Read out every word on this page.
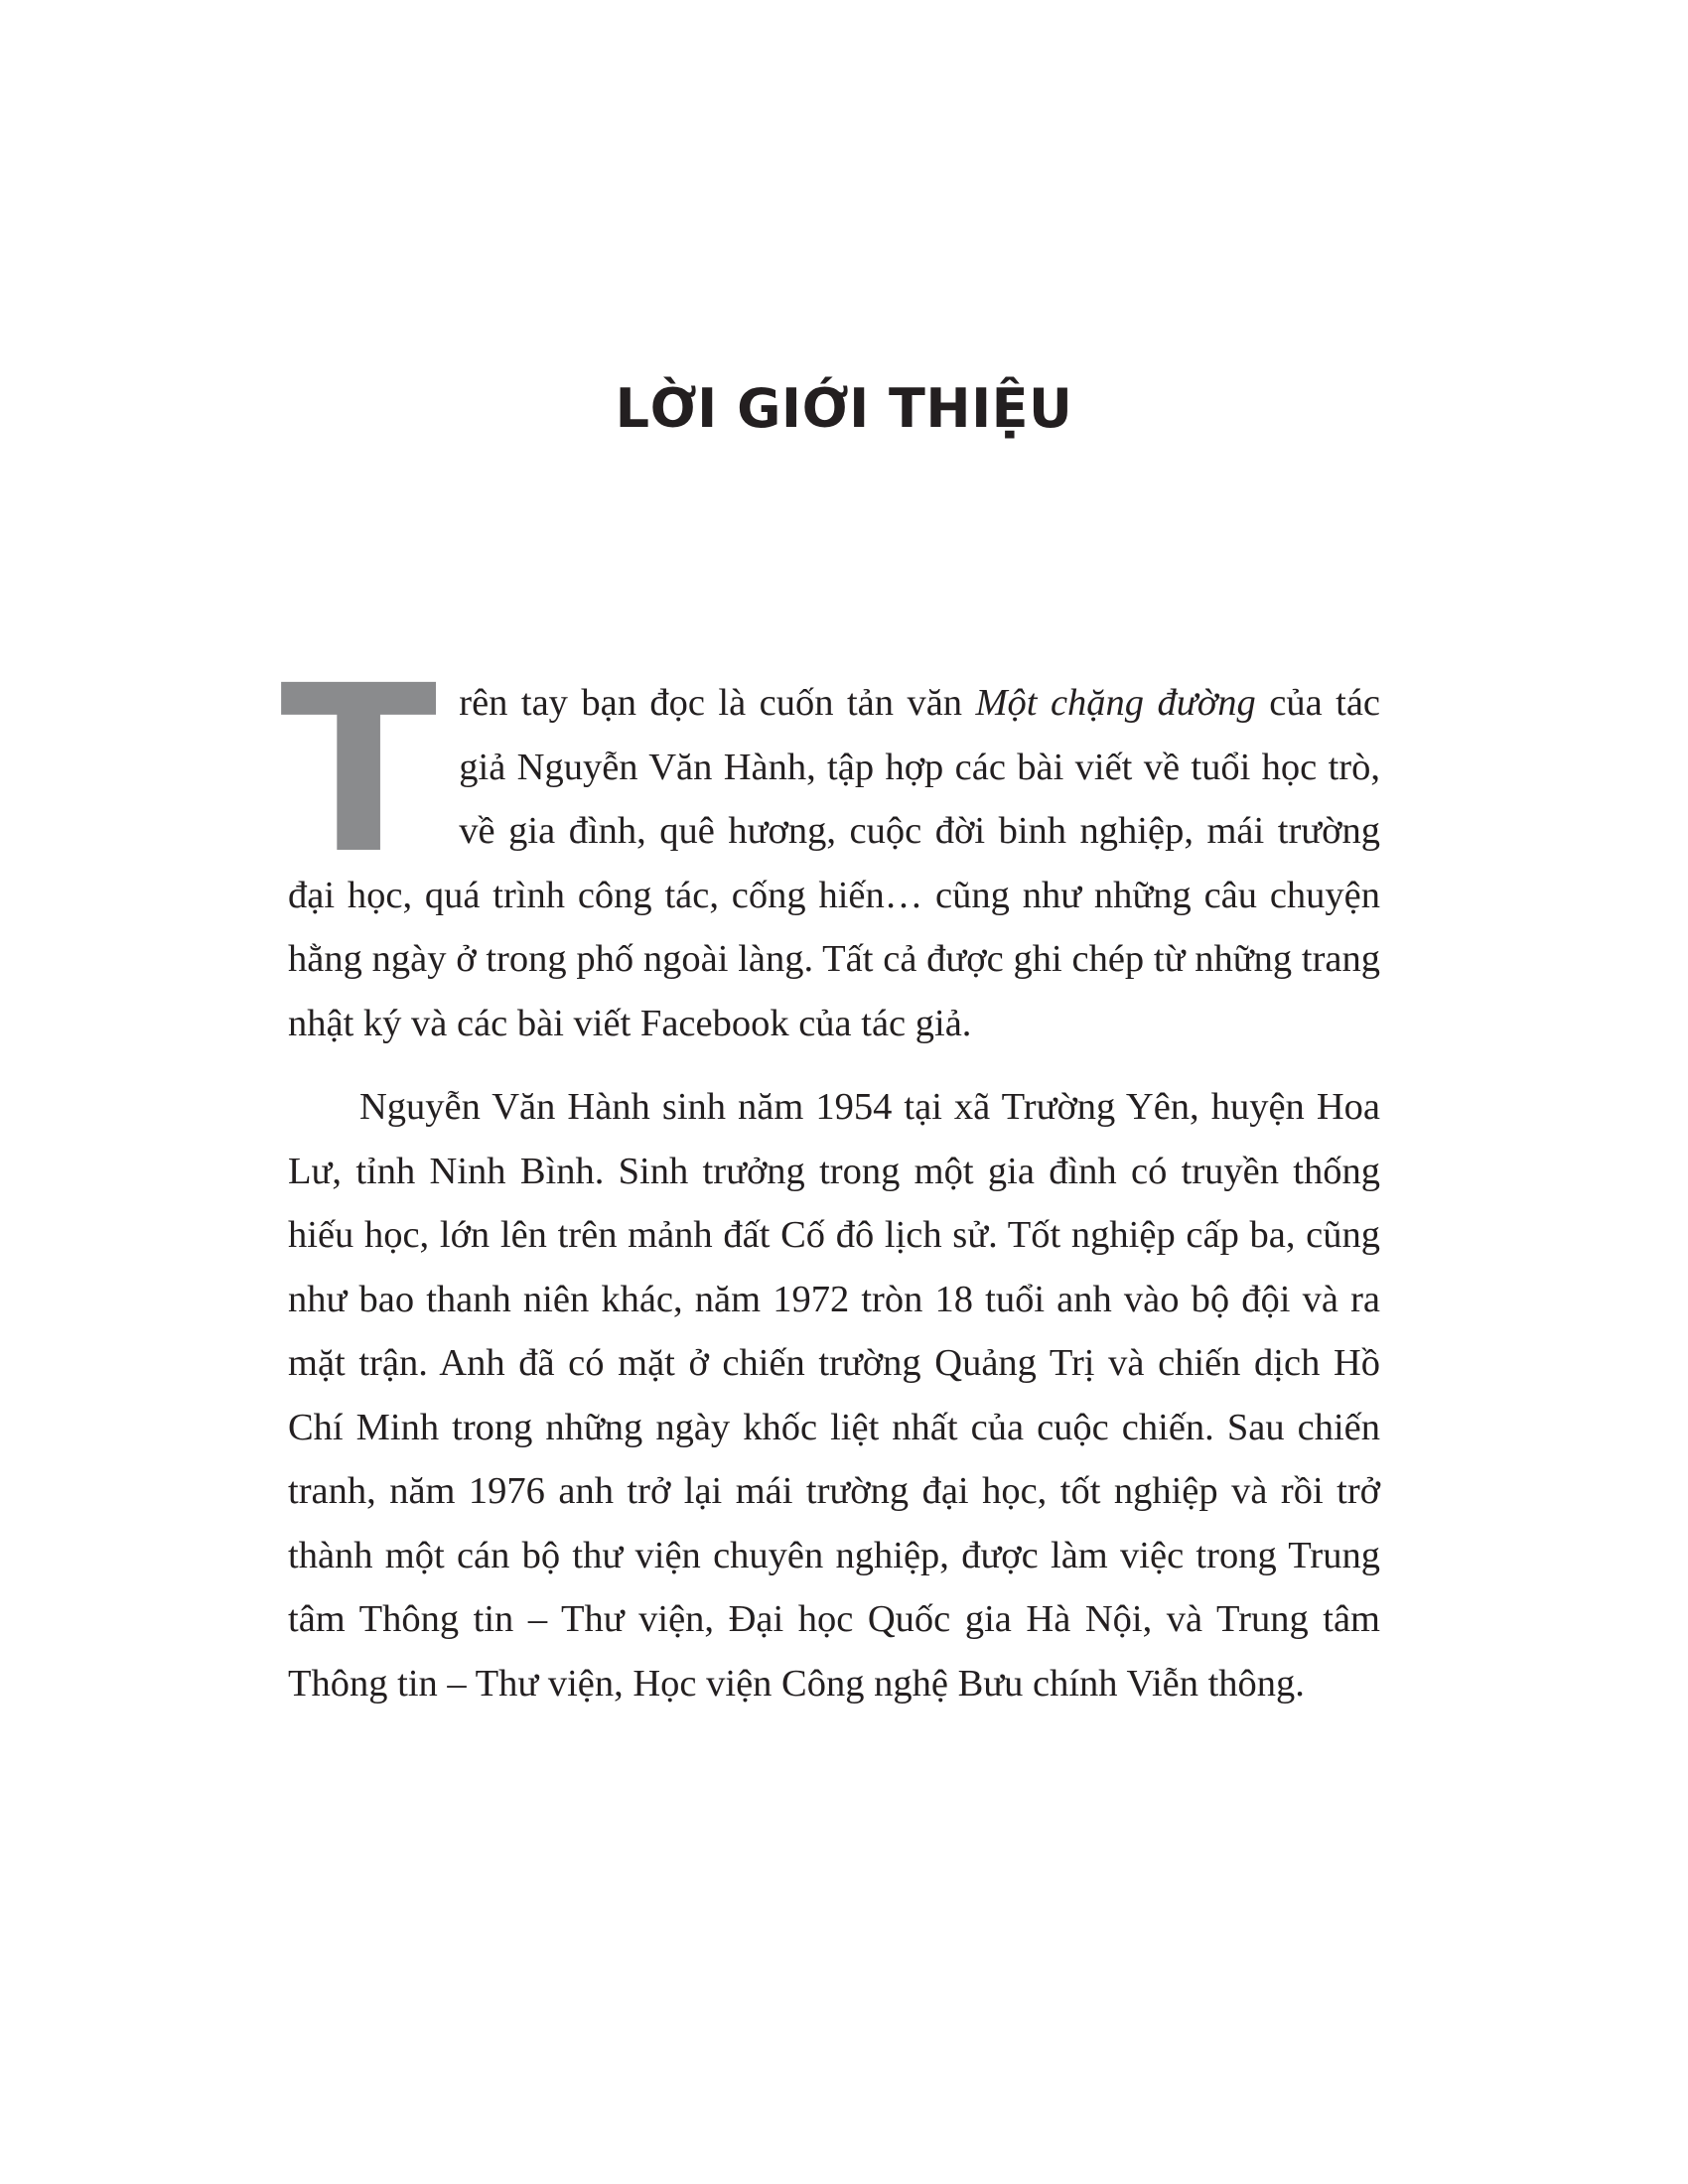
LỜI GIỚI THIỆU

Trên tay bạn đọc là cuốn tản văn Một chặng đường của tác giả Nguyễn Văn Hành, tập hợp các bài viết về tuổi học trò, về gia đình, quê hương, cuộc đời binh nghiệp, mái trường đại học, quá trình công tác, cống hiến… cũng như những câu chuyện hằng ngày ở trong phố ngoài làng. Tất cả được ghi chép từ những trang nhật ký và các bài viết Facebook của tác giả.

Nguyễn Văn Hành sinh năm 1954 tại xã Trường Yên, huyện Hoa Lư, tỉnh Ninh Bình. Sinh trưởng trong một gia đình có truyền thống hiếu học, lớn lên trên mảnh đất Cố đô lịch sử. Tốt nghiệp cấp ba, cũng như bao thanh niên khác, năm 1972 tròn 18 tuổi anh vào bộ đội và ra mặt trận. Anh đã có mặt ở chiến trường Quảng Trị và chiến dịch Hồ Chí Minh trong những ngày khốc liệt nhất của cuộc chiến. Sau chiến tranh, năm 1976 anh trở lại mái trường đại học, tốt nghiệp và rồi trở thành một cán bộ thư viện chuyên nghiệp, được làm việc trong Trung tâm Thông tin – Thư viện, Đại học Quốc gia Hà Nội, và Trung tâm Thông tin – Thư viện, Học viện Công nghệ Bưu chính Viễn thông.
